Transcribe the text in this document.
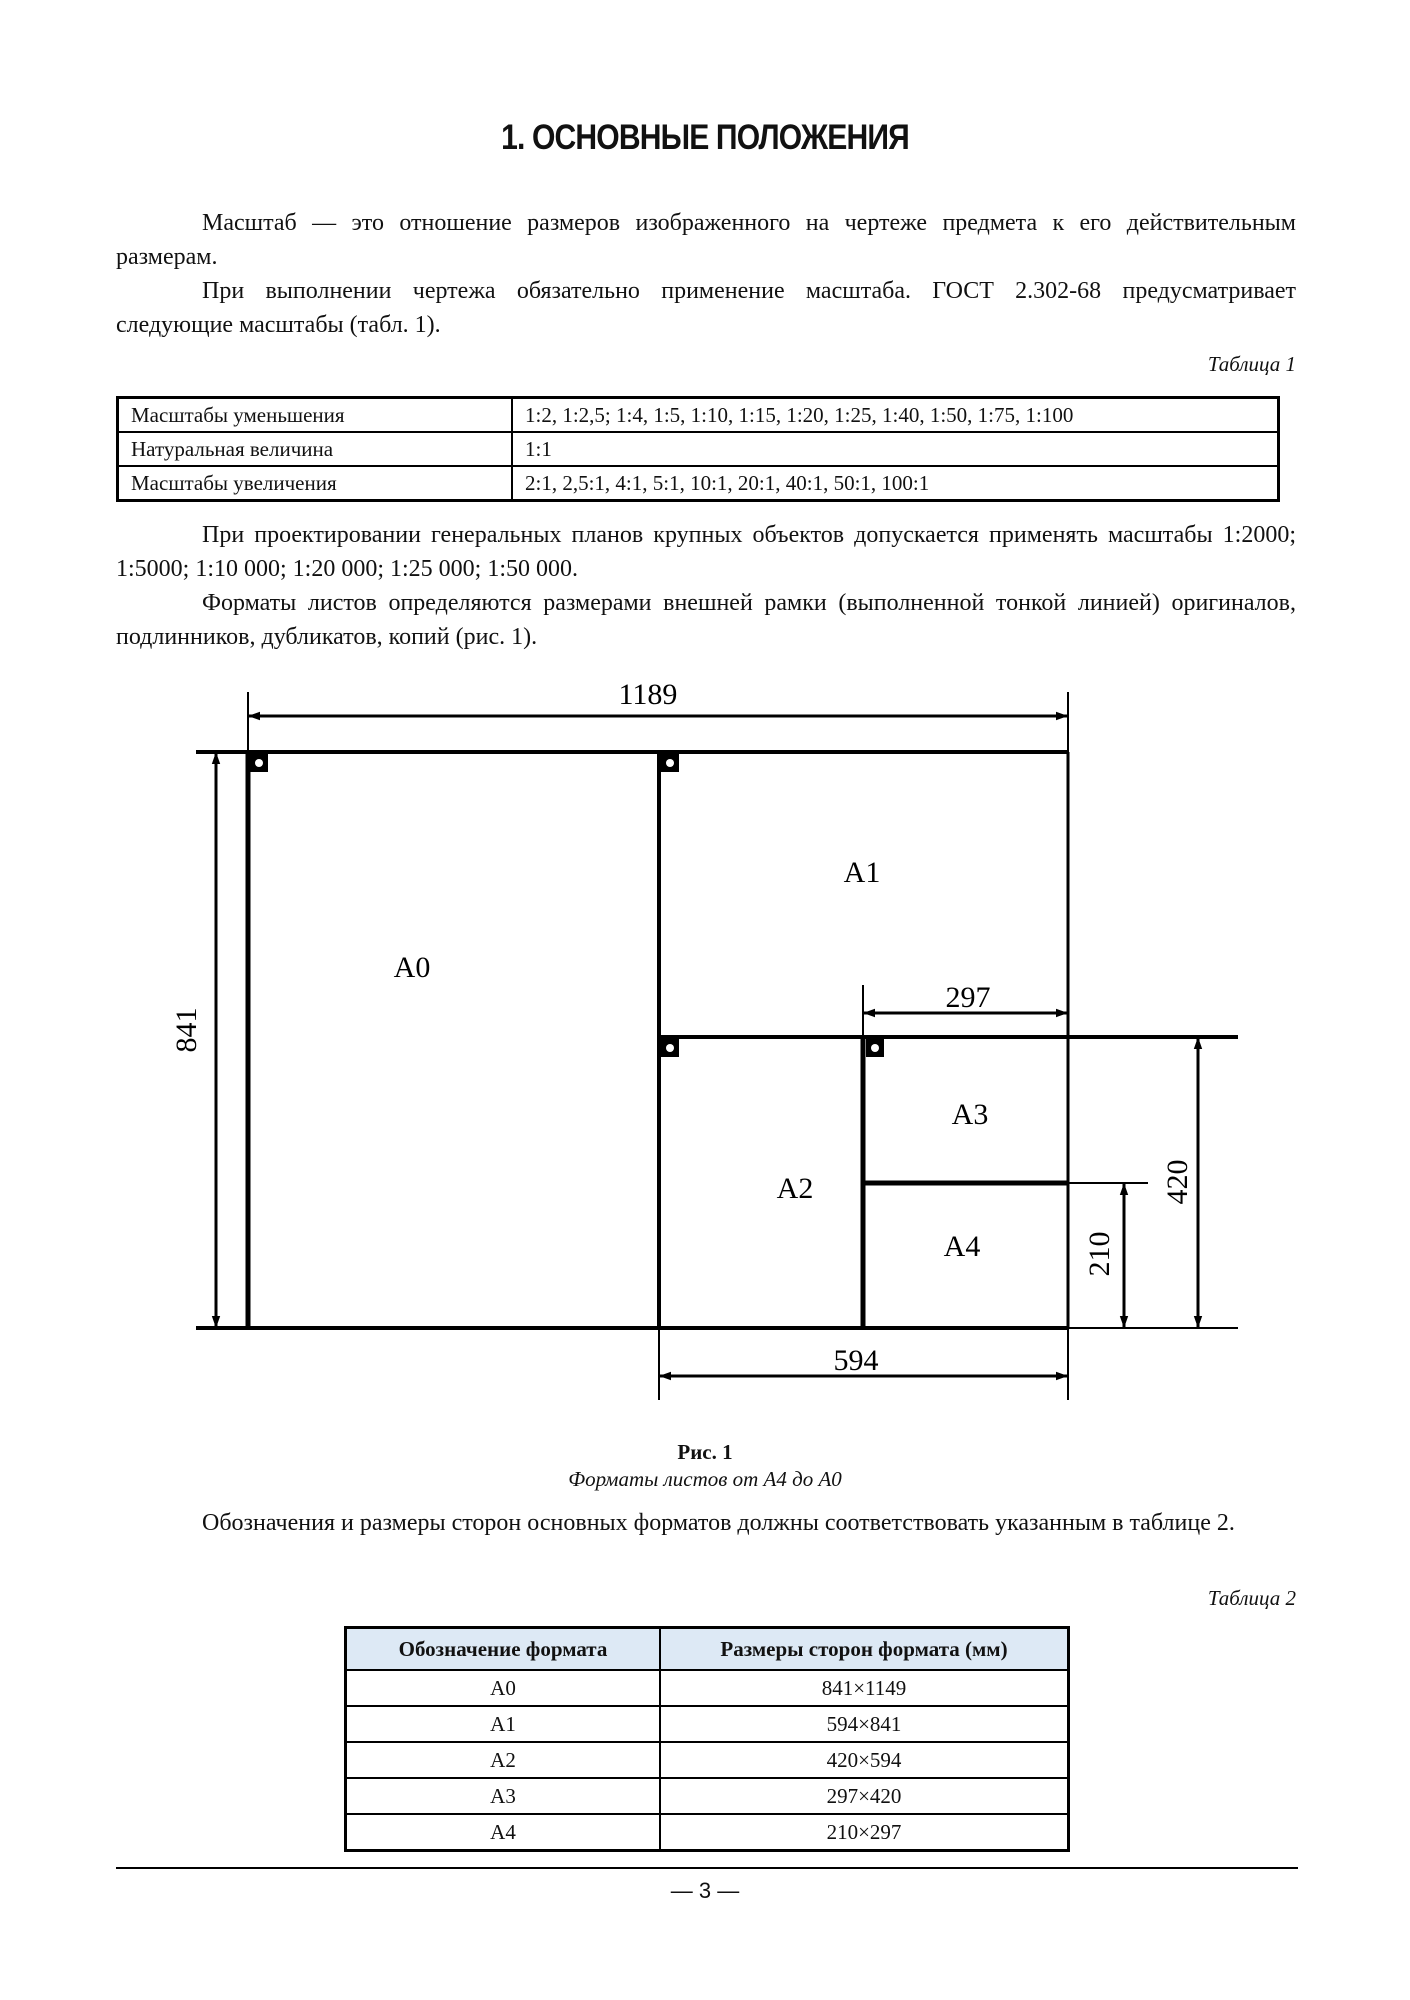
1. ОСНОВНЫЕ ПОЛОЖЕНИЯ

Масштаб — это отношение размеров изображенного на чертеже предмета к его действительным размерам.

При выполнении чертежа обязательно применение масштаба. ГОСТ 2.302-68 предусматривает следующие масштабы (табл. 1).

Таблица 1
Масштабы уменьшения	1:2, 1:2,5; 1:4, 1:5, 1:10, 1:15, 1:20, 1:25, 1:40, 1:50, 1:75, 1:100
Натуральная величина	1:1
Масштабы увеличения	2:1, 2,5:1, 4:1, 5:1, 10:1, 20:1, 40:1, 50:1, 100:1

При проектировании генеральных планов крупных объектов допускается применять масштабы 1:2000; 1:5000; 1:10 000; 1:20 000; 1:25 000; 1:50 000.

Форматы листов определяются размерами внешней рамки (выполненной тонкой линией) оригиналов, подлинников, дубликатов, копий (рис. 1).

A0
A1
A2
A3
A4
1189
841
297
594
420
210
Рис. 1
Форматы листов от А4 до А0

Обозначения и размеры сторон основных форматов должны соответствовать указанным в таблице 2.

Таблица 2
Обозначение формата	Размеры сторон формата (мм)
А0	841×1149
А1	594×841
А2	420×594
А3	297×420
А4	210×297
— 3 —
